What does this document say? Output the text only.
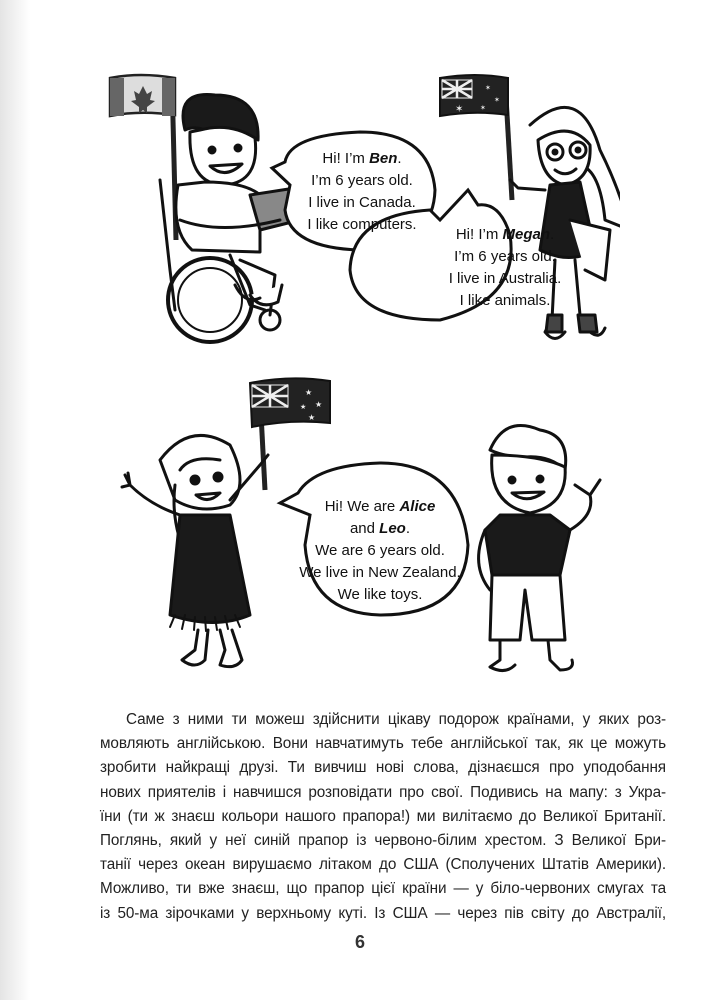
✶
✶
✶
✶
Hi! I’m Ben.
I’m 6 years old.
I live in Canada.
I like computers.
Hi! I’m Megan.
I’m 6 years old.
I live in Australia.
I like animals.
★
★
★
★
Hi! We are Alice
and Leo.
We are 6 years old.
We live in New Zealand.
We like toys.
Саме з ними ти можеш здійснити цікаву подорож країнами, у яких роз-
мовляють англійською. Вони навчатимуть тебе англійської так, як це можуть
зробити найкращі друзі. Ти вивчиш нові слова, дізнаєшся про уподобання
нових приятелів і навчишся розповідати про свої. Подивись на мапу: з Укра-
їни (ти ж знаєш кольори нашого прапора!) ми вилітаємо до Великої Британії.
Поглянь, який у неї синій прапор із червоно-білим хрестом. З Великої Бри-
танії через океан вирушаємо літаком до США (Сполучених Штатів Америки).
Можливо, ти вже знаєш, що прапор цієї країни — у біло-червоних смугах та
із 50-ма зірочками у верхньому куті. Із США — через пів світу до Австралії,
6
